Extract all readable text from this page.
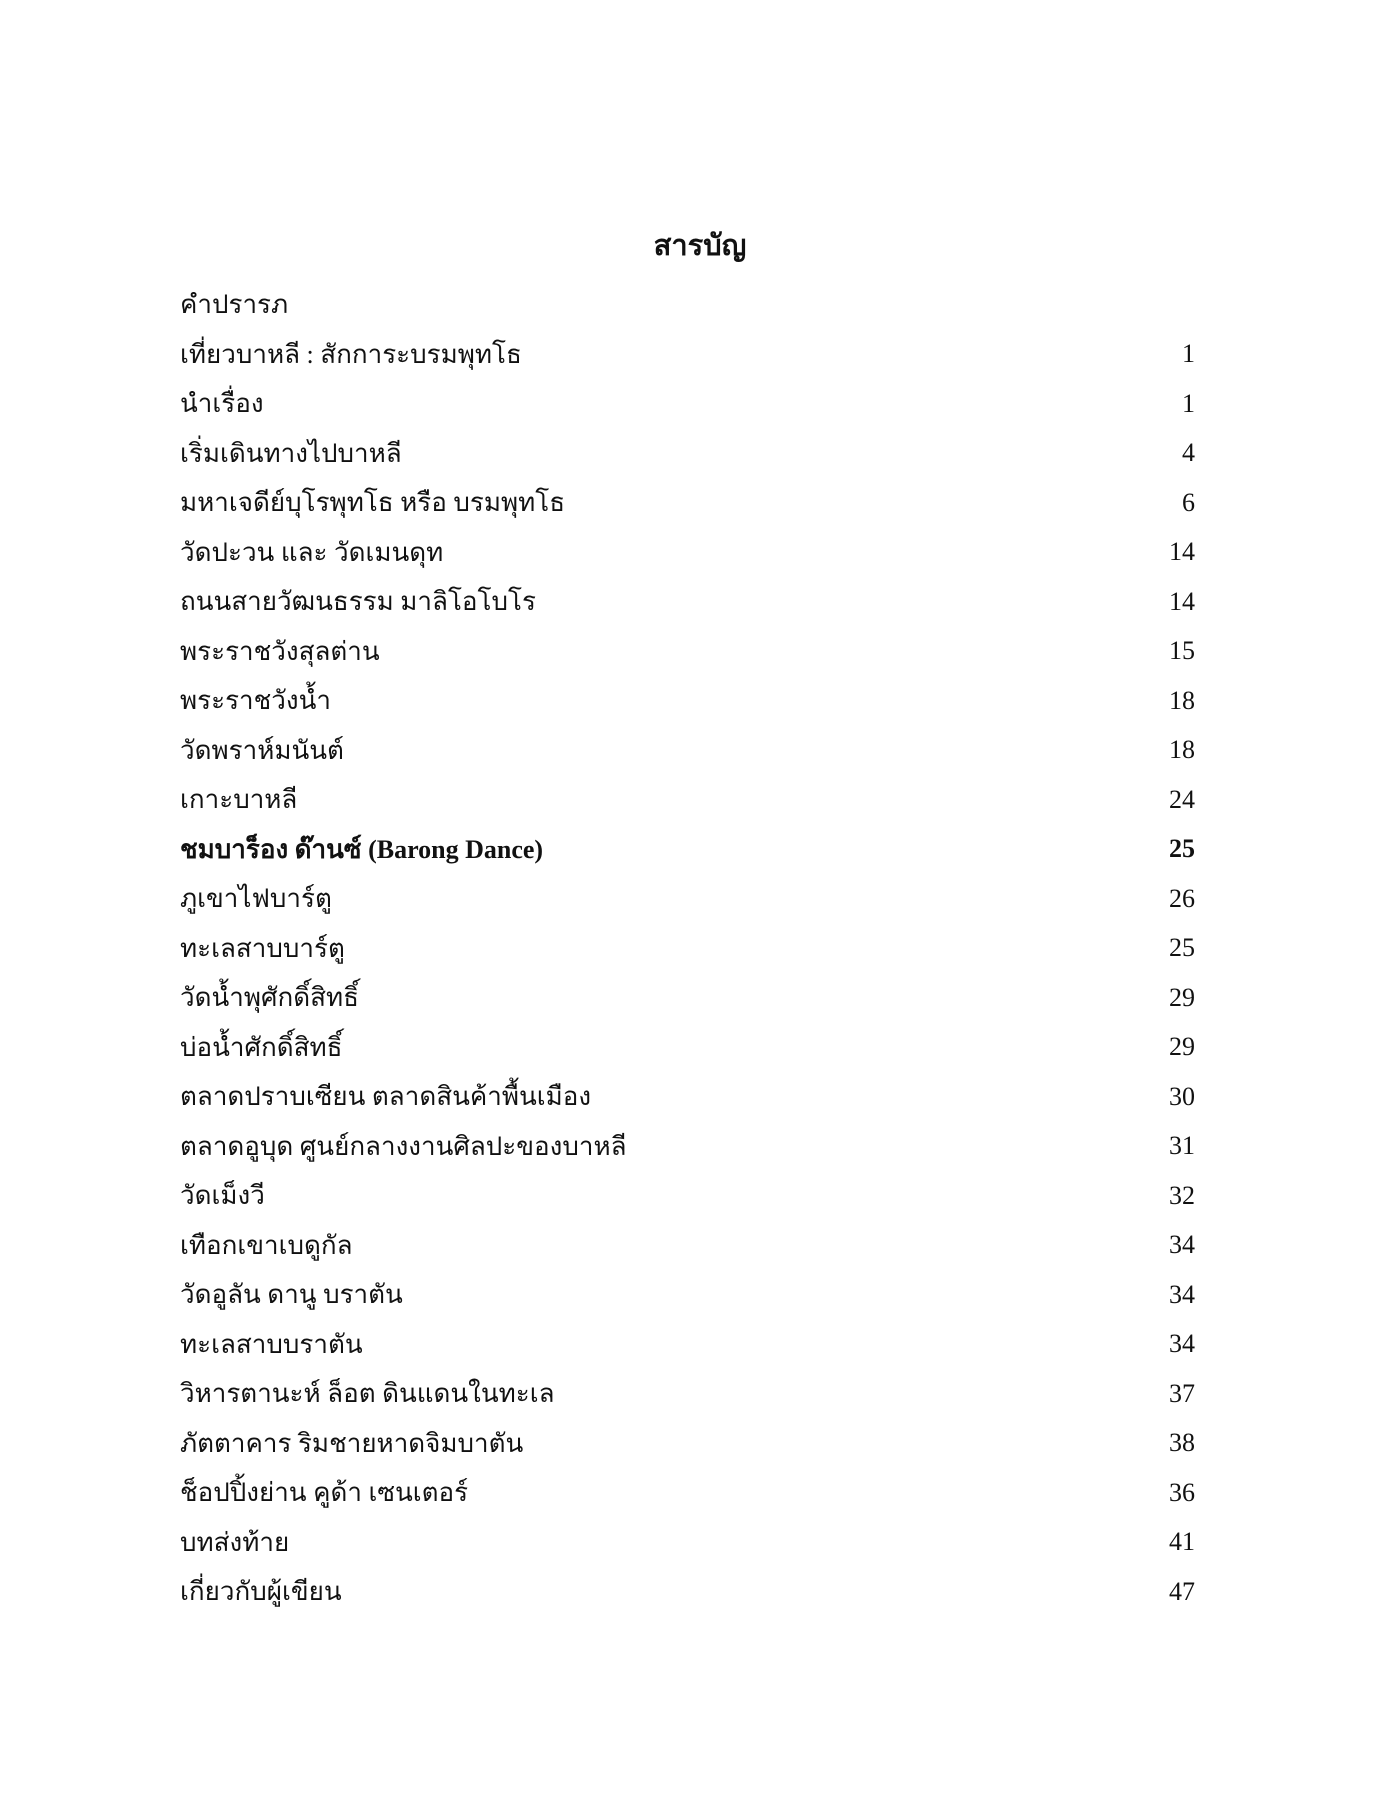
สารบัญ
คำปรารภ
เที่ยวบาหลี : สักการะบรมพุทโธ	1
นำเรื่อง	1
เริ่มเดินทางไปบาหลี	4
มหาเจดีย์บุโรพุทโธ หรือ บรมพุทโธ	6
วัดปะวน และ วัดเมนดุท	14
ถนนสายวัฒนธรรม มาลิโอโบโร	14
พระราชวังสุลต่าน	15
พระราชวังน้ำ	18
วัดพราห์มนันต์	18
เกาะบาหลี	24
ชมบาร็อง ด๊านซ์ (Barong Dance)	25
ภูเขาไฟบาร์ตู	26
ทะเลสาบบาร์ตู	25
วัดน้ำพุศักดิ์สิทธิ์	29
บ่อน้ำศักดิ์สิทธิ์	29
ตลาดปราบเซียน ตลาดสินค้าพื้นเมือง	30
ตลาดอูบุด ศูนย์กลางงานศิลปะของบาหลี	31
วัดเม็งวี	32
เทือกเขาเบดูกัล	34
วัดอูลัน ดานู บราตัน	34
ทะเลสาบบราตัน	34
วิหารตานะห์ ล็อต ดินแดนในทะเล	37
ภัตตาคาร ริมชายหาดจิมบาตัน	38
ช็อปปิ้งย่าน คูด้า เซนเตอร์	36
บทส่งท้าย	41
เกี่ยวกับผู้เขียน	47
